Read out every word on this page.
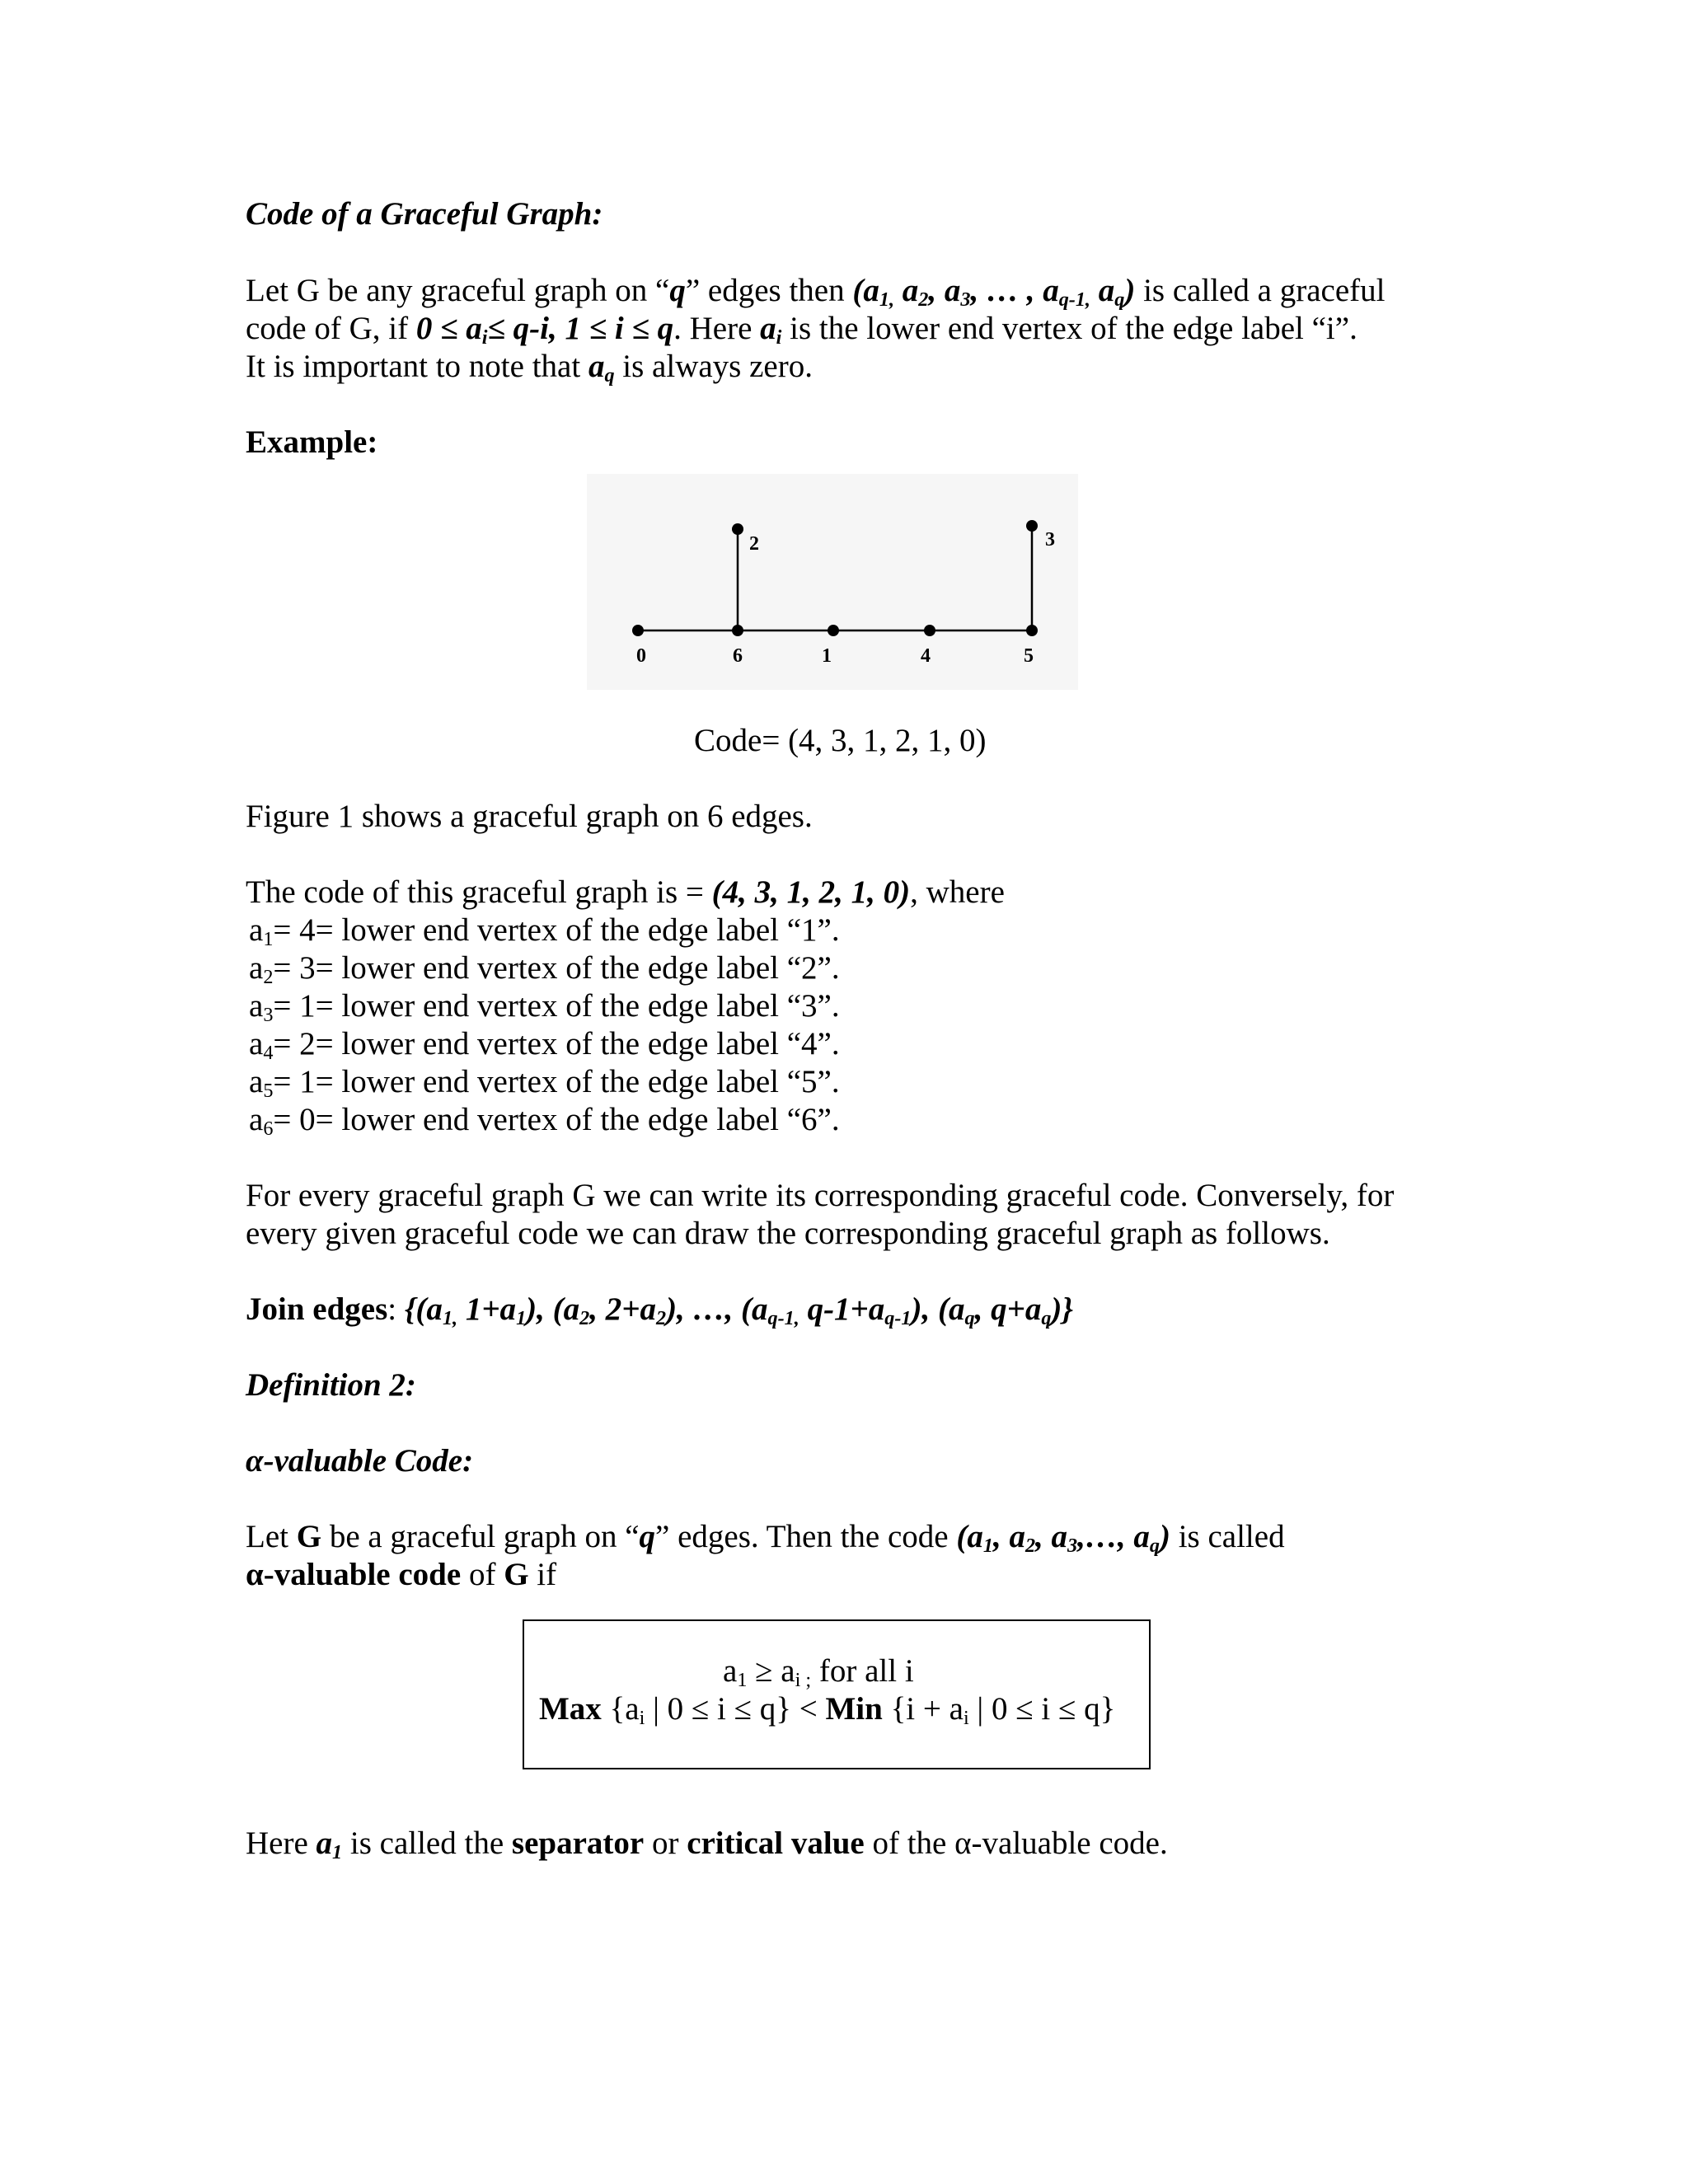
Code of a Graceful Graph:
Let G be any graceful graph on “q” edges then ($a_{1,}$ $a_2$, $a_3$, … , $a_{q-1,}$ $a_q$) is called a graceful
code of G, if $0 \le a_i\le q-i$, 1 ≤ i ≤ q. Here $a_i$ is the lower end vertex of the edge label “i”.
It is important to note that $a_q$ is always zero.
Example:
Code= (4, 3, 1, 2, 1, 0)
Figure 1 shows a graceful graph on 6 edges.
The code of this graceful graph is = (4, 3, 1, 2, 1, 0), where
$a_1= 4=$ lower end vertex of the edge label “1”.
$a_2= 3=$ lower end vertex of the edge label “2”.
$a_3= 1=$ lower end vertex of the edge label “3”.
$a_4= 2=$ lower end vertex of the edge label “4”.
$a_5= 1=$ lower end vertex of the edge label “5”.
$a_6= 0=$ lower end vertex of the edge label “6”.
For every graceful graph G we can write its corresponding graceful code. Conversely, for
every given graceful code we can draw the corresponding graceful graph as follows.
Join edges: {($a_{1,}$ $1+a_1$), ($a_2$, $2+a_2$), …, ($a_{q-1,}$ $q-1+a_{q-1}$), ($a_q$, $q+a_q$)}
Definition 2:
α-valuable Code:
Let G be a graceful graph on “q” edges. Then the code ($a_1$, $a_2$, $a_3,\dots$, $a_q$) is called
α-valuable code of G if
Here $a_1$ is called the separator or critical value of the α-valuable code.
0	6	1	4	5
2	3
$a_1 \ge a_{i ;}$ for all i
Max {$a_i$ | 0 ≤ i ≤ q} < Min {$i + a_i$ | 0 ≤ i ≤ q}
